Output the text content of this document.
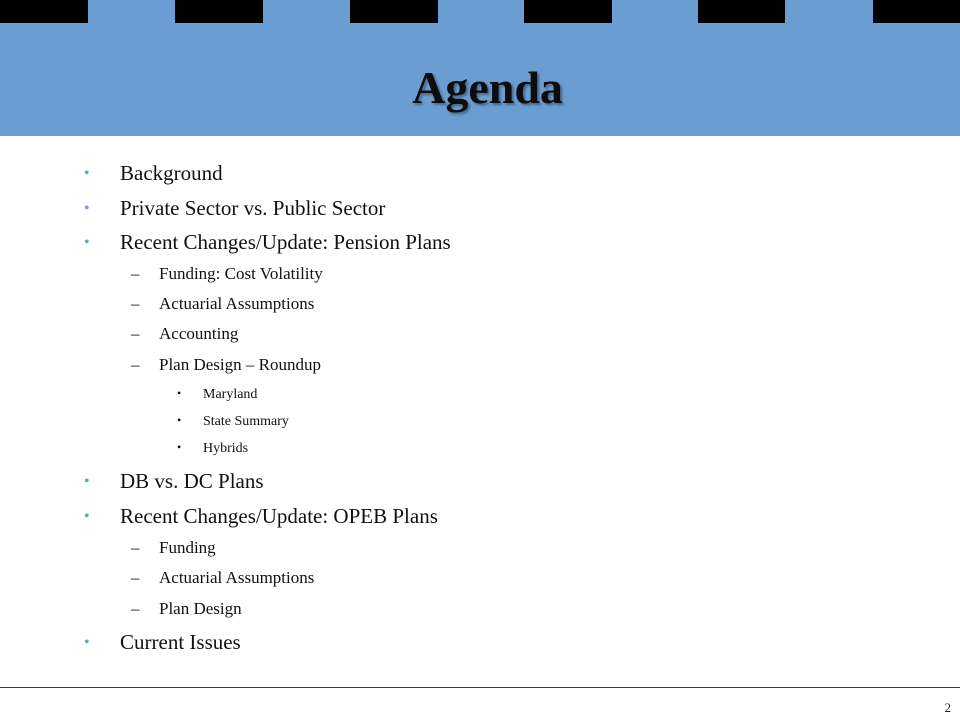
Agenda
• Background
• Private Sector vs. Public Sector
• Recent Changes/Update: Pension Plans
– Funding: Cost Volatility
– Actuarial Assumptions
– Accounting
– Plan Design – Roundup
• Maryland
• State Summary
• Hybrids
• DB vs. DC Plans
• Recent Changes/Update: OPEB Plans
– Funding
– Actuarial Assumptions
– Plan Design
• Current Issues
2
